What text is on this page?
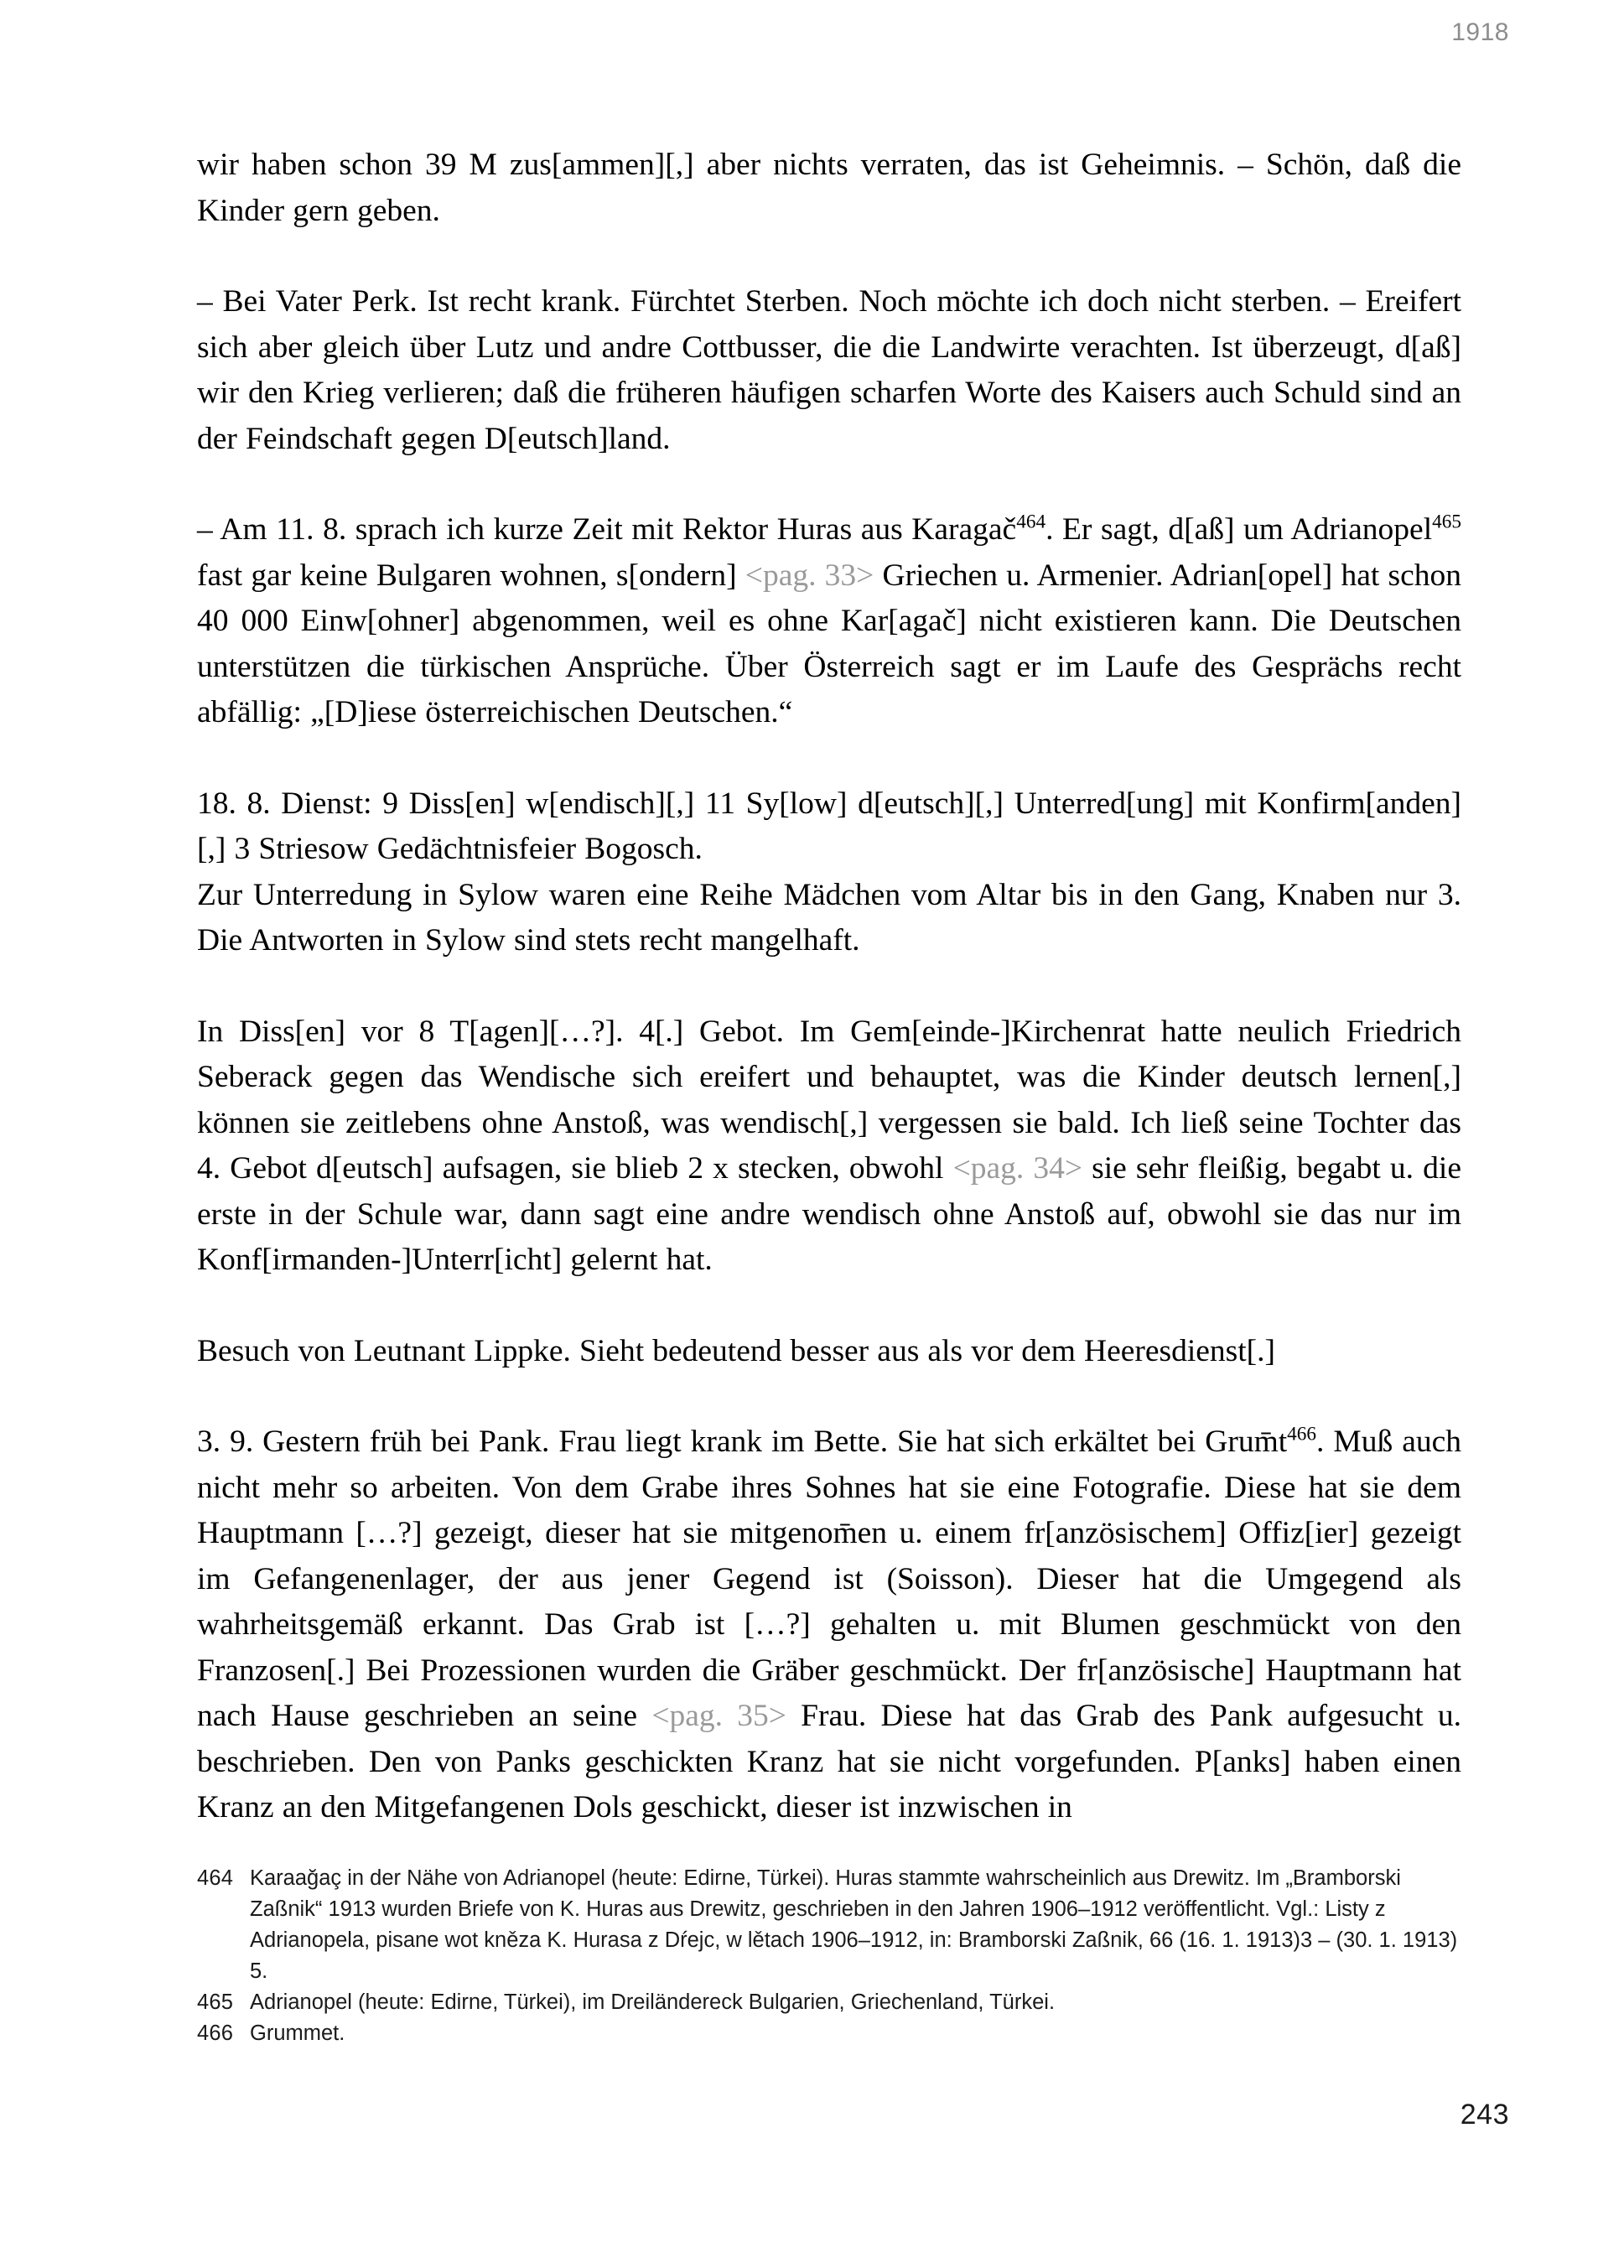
1918

wir haben schon 39 M zus[ammen][,] aber nichts verraten, das ist Geheimnis. – Schön, daß die Kinder gern geben.

– Bei Vater Perk. Ist recht krank. Fürchtet Sterben. Noch möchte ich doch nicht sterben. – Ereifert sich aber gleich über Lutz und andre Cottbusser, die die Landwirte verachten. Ist überzeugt, d[aß] wir den Krieg verlieren; daß die früheren häufigen scharfen Worte des Kaisers auch Schuld sind an der Feindschaft gegen D[eutsch]land.

– Am 11. 8. sprach ich kurze Zeit mit Rektor Huras aus Karagač$^{464}$. Er sagt, d[aß] um Adrianopel$^{465}$ fast gar keine Bulgaren wohnen, s[ondern] <pag. 33> Griechen u. Armenier. Adrian[opel] hat schon 40 000 Einw[ohner] abgenommen, weil es ohne Kar[agač] nicht existieren kann. Die Deutschen unterstützen die türkischen Ansprüche. Über Österreich sagt er im Laufe des Gesprächs recht abfällig: „[D]iese österreichischen Deutschen.“

18. 8. Dienst: 9 Diss[en] w[endisch][,] 11 Sy[low] d[eutsch][,] Unterred[ung] mit Konfirm[anden][,] 3 Striesow Gedächtnisfeier Bogosch.

Zur Unterredung in Sylow waren eine Reihe Mädchen vom Altar bis in den Gang, Knaben nur 3. Die Antworten in Sylow sind stets recht mangelhaft.

In Diss[en] vor 8 T[agen][…?]. 4[.] Gebot. Im Gem[einde-]Kirchenrat hatte neulich Friedrich Seberack gegen das Wendische sich ereifert und behauptet, was die Kinder deutsch lernen[,] können sie zeitlebens ohne Anstoß, was wendisch[,] vergessen sie bald. Ich ließ seine Tochter das 4. Gebot d[eutsch] aufsagen, sie blieb 2 x stecken, obwohl <pag. 34> sie sehr fleißig, begabt u. die erste in der Schule war, dann sagt eine andre wendisch ohne Anstoß auf, obwohl sie das nur im Konf[irmanden-]Unterr[icht] gelernt hat.

Besuch von Leutnant Lippke. Sieht bedeutend besser aus als vor dem Heeresdienst[.]

3. 9. Gestern früh bei Pank. Frau liegt krank im Bette. Sie hat sich erkältet bei Grum̄t$^{466}$. Muß auch nicht mehr so arbeiten. Von dem Grabe ihres Sohnes hat sie eine Fotografie. Diese hat sie dem Hauptmann […?] gezeigt, dieser hat sie mitgenom̄en u. einem fr[anzösischem] Offiz[ier] gezeigt im Gefangenenlager, der aus jener Gegend ist (Soisson). Dieser hat die Umgegend als wahrheitsgemäß erkannt. Das Grab ist […?] gehalten u. mit Blumen geschmückt von den Franzosen[.] Bei Prozessionen wurden die Gräber geschmückt. Der fr[anzösische] Hauptmann hat nach Hause geschrieben an seine <pag. 35> Frau. Diese hat das Grab des Pank aufgesucht u. beschrieben. Den von Panks geschickten Kranz hat sie nicht vorgefunden. P[anks] haben einen Kranz an den Mitgefangenen Dols geschickt, dieser ist inzwischen in

464 Karaağaç in der Nähe von Adrianopel (heute: Edirne, Türkei). Huras stammte wahrscheinlich aus Drewitz. Im „Bramborski Zaßnik“ 1913 wurden Briefe von K. Huras aus Drewitz, geschrieben in den Jahren 1906–1912 veröffentlicht. Vgl.: Listy z Adrianopela, pisane wot kněza K. Hurasa z Dŕejc, w lětach 1906–1912, in: Bramborski Zaßnik, 66 (16. 1. 1913)3 – (30. 1. 1913) 5.
465 Adrianopel (heute: Edirne, Türkei), im Dreiländereck Bulgarien, Griechenland, Türkei.
466 Grummet.
243
